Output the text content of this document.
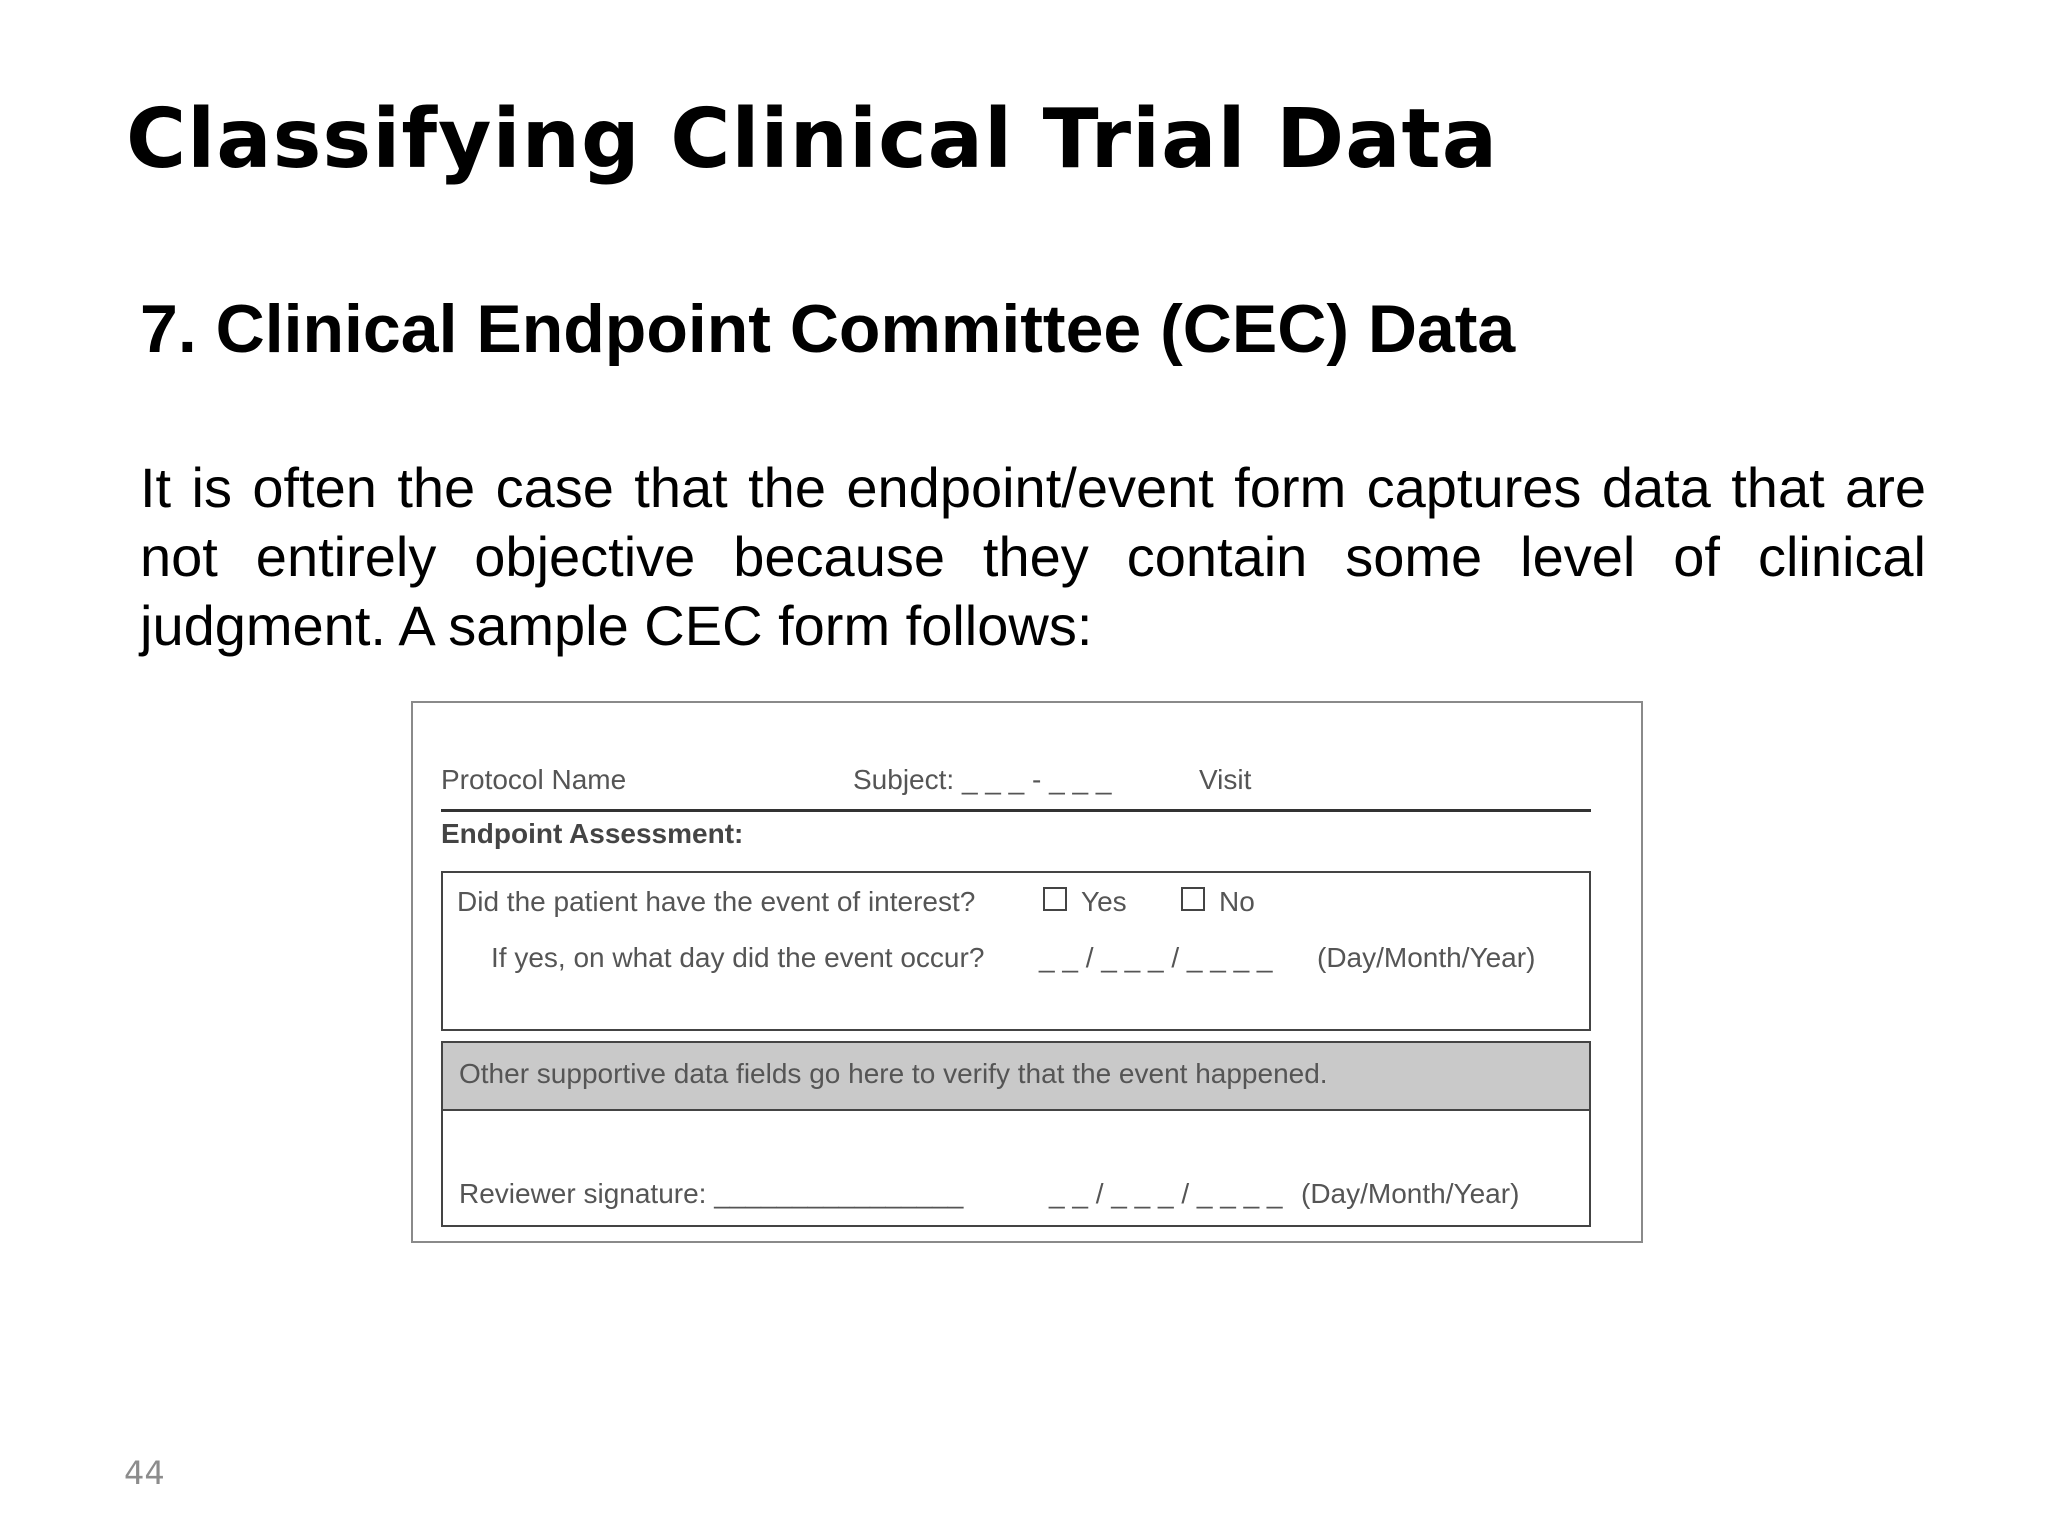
Classifying Clinical Trial Data
7. Clinical Endpoint Committee (CEC) Data

It is often the case that the endpoint/event form captures data that are not entirely objective because they contain some level of clinical judgment. A sample CEC form follows:

Protocol Name	Subject: _ _ _ - _ _ _	Visit
Endpoint Assessment:
Did the patient have the event of interest?	Yes	No
If yes, on what day did the event occur? _ _ / _ _ _ / _ _ _ _ (Day/Month/Year)
Other supportive data fields go here to verify that the event happened.
Reviewer signature: ________________	_ _ / _ _ _ / _ _ _ _ (Day/Month/Year)
44
